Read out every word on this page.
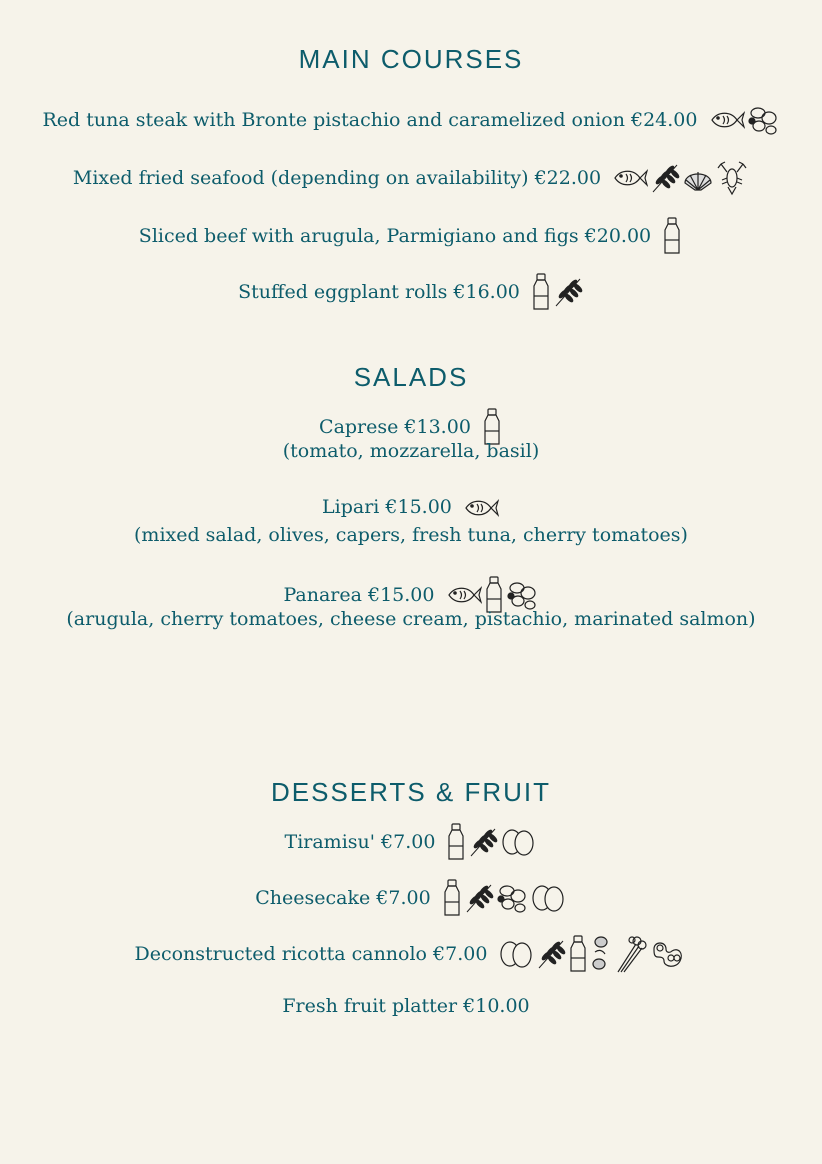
MAIN COURSES
Red tuna steak with Bronte pistachio and caramelized onion €24.00
Mixed fried seafood (depending on availability) €22.00
Sliced beef with arugula, Parmigiano and figs €20.00
Stuffed eggplant rolls €16.00
SALADS
Caprese €13.00
(tomato, mozzarella, basil)
Lipari €15.00
(mixed salad, olives, capers, fresh tuna, cherry tomatoes)
Panarea €15.00
(arugula, cherry tomatoes, cheese cream, pistachio, marinated salmon)
DESSERTS & FRUIT
Tiramisu' €7.00
Cheesecake €7.00
Deconstructed ricotta cannolo €7.00
Fresh fruit platter €10.00
